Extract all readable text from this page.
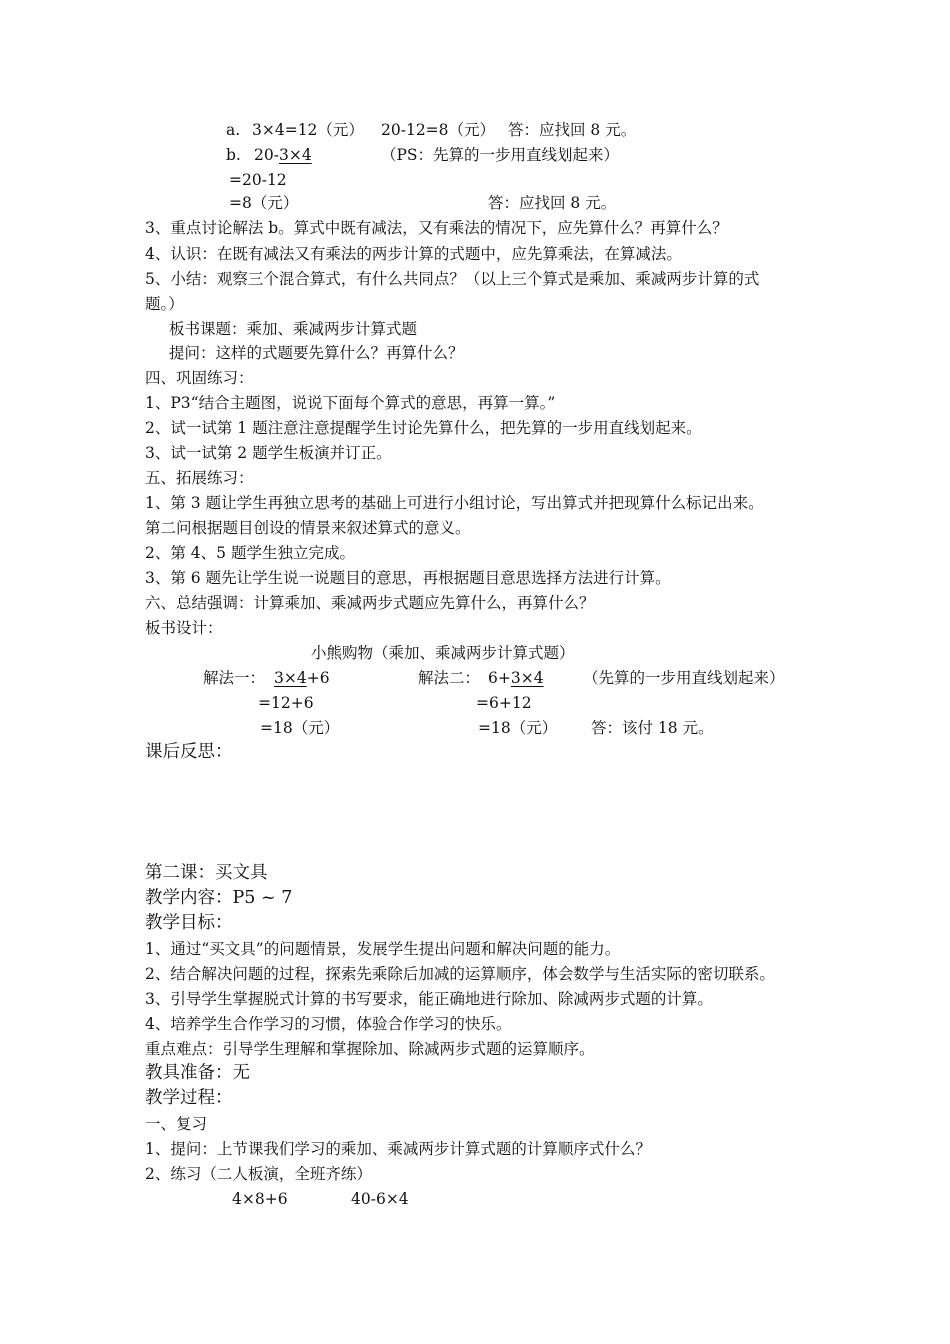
a. 3×4=12（元） 20-12=8（元） 答：应找回 8 元。
b. 20-3×4	（PS：先算的一步用直线划起来）
=20-12
=8（元）	答：应找回 8 元。
3、重点讨论解法 b。算式中既有减法，又有乘法的情况下，应先算什么？再算什么？
4、认识：在既有减法又有乘法的两步计算的式题中，应先算乘法，在算减法。
5、小结：观察三个混合算式，有什么共同点？（以上三个算式是乘加、乘减两步计算的式
题。）
板书课题：乘加、乘减两步计算式题
提问：这样的式题要先算什么？再算什么？
四、巩固练习：
1、P3“结合主题图，说说下面每个算式的意思，再算一算。”
2、试一试第 1 题注意注意提醒学生讨论先算什么，把先算的一步用直线划起来。
3、试一试第 2 题学生板演并订正。
五、拓展练习：
1、第 3 题让学生再独立思考的基础上可进行小组讨论，写出算式并把现算什么标记出来。
第二问根据题目创设的情景来叙述算式的意义。
2、第 4、5 题学生独立完成。
3、第 6 题先让学生说一说题目的意思，再根据题目意思选择方法进行计算。
六、总结强调：计算乘加、乘减两步式题应先算什么，再算什么？
板书设计：
小熊购物（乘加、乘减两步计算式题）
解法一： 3×4+6	解法二： 6+3×4	（先算的一步用直线划起来）
=12+6	=6+12
=18（元）	=18（元） 答：该付 18 元。
课后反思：
第二课：买文具
教学内容：P5 ~ 7
教学目标：
1、通过“买文具”的问题情景，发展学生提出问题和解决问题的能力。
2、结合解决问题的过程，探索先乘除后加减的运算顺序，体会数学与生活实际的密切联系。
3、引导学生掌握脱式计算的书写要求，能正确地进行除加、除减两步式题的计算。
4、培养学生合作学习的习惯，体验合作学习的快乐。
重点难点：引导学生理解和掌握除加、除减两步式题的运算顺序。
教具准备：无
教学过程：
一、复习
1、提问：上节课我们学习的乘加、乘减两步计算式题的计算顺序式什么？
2、练习（二人板演，全班齐练）
4×8+6	40-6×4
